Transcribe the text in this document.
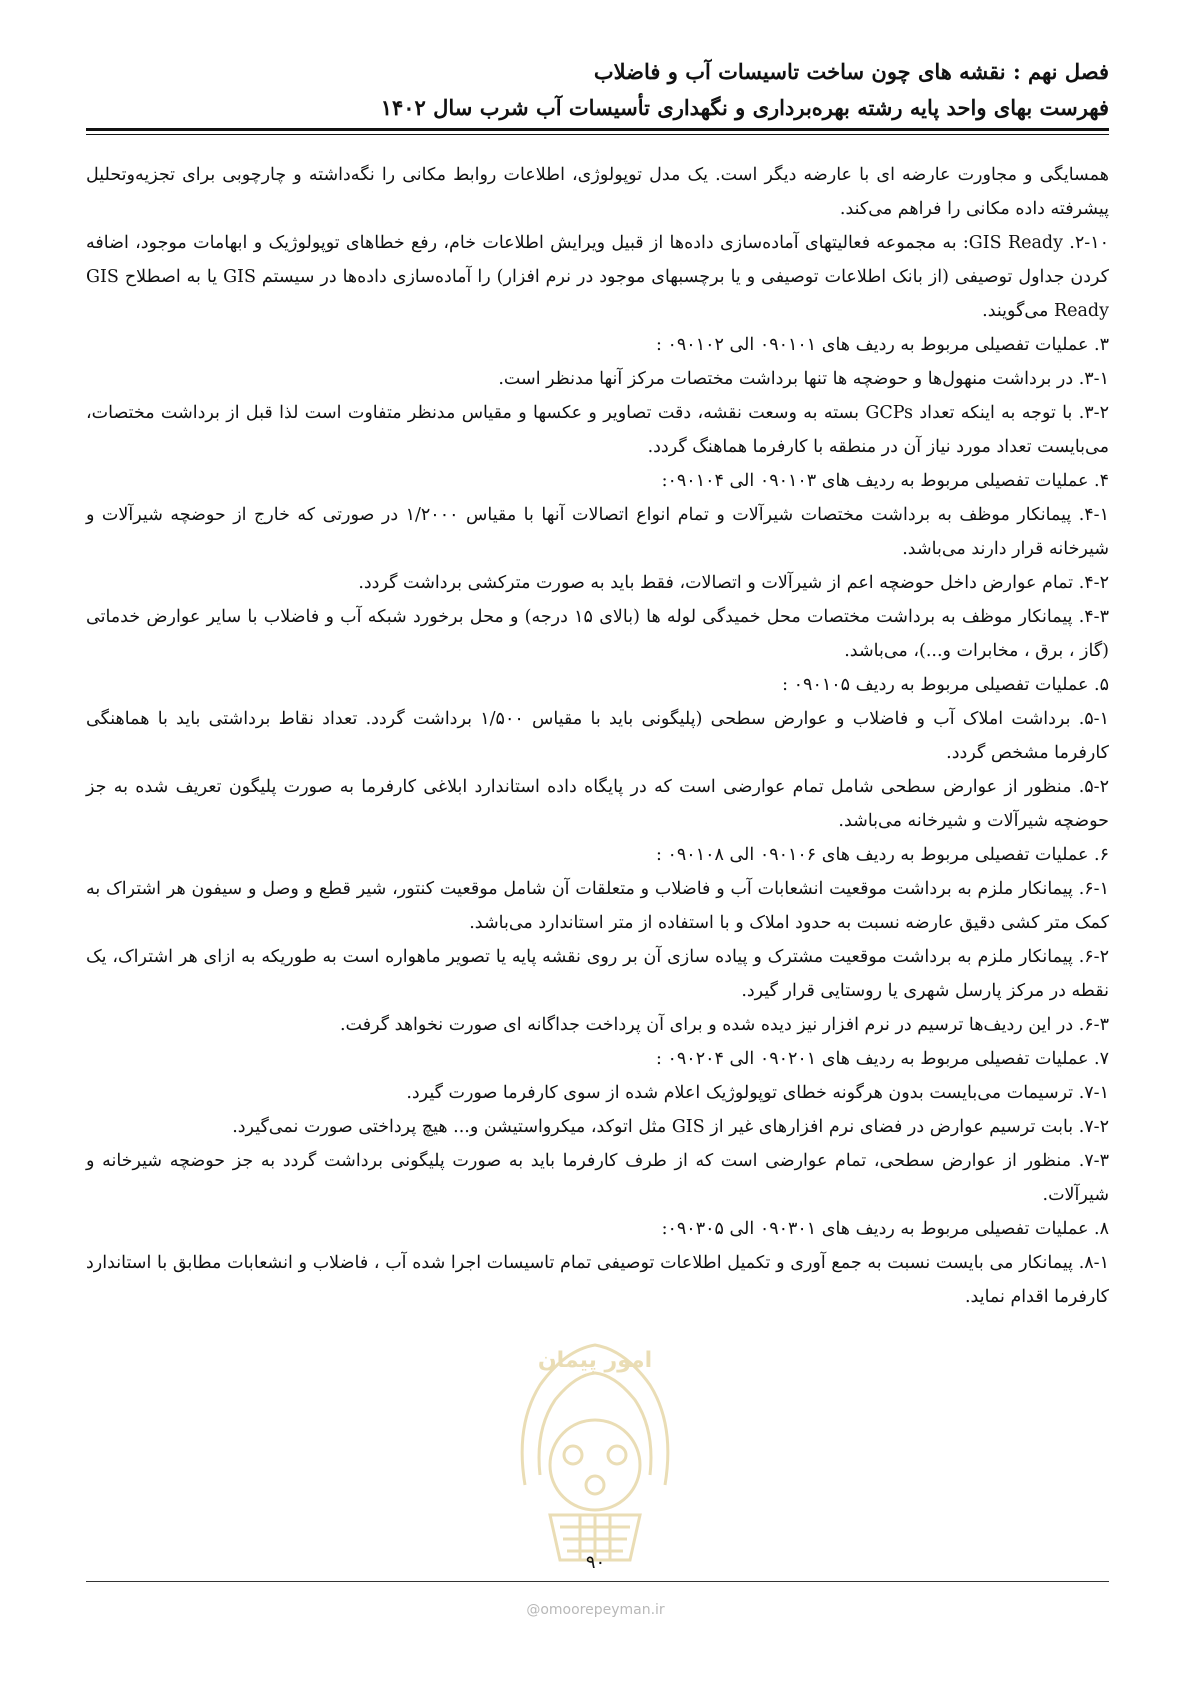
فصل نهم : نقشه های چون ساخت تاسیسات آب و فاضلاب
فهرست بهای واحد پایه رشته بهره‌برداری و نگهداری تأسیسات آب شرب سال ۱۴۰۲

همسایگی و مجاورت عارضه ای با عارضه دیگر است. یک مدل توپولوژی، اطلاعات روابط مکانی را نگه‌داشته و چارچوبی برای تجزیه‌وتحلیل پیشرفته داده مکانی را فراهم می‌کند.

۲-۱۰. GIS Ready: به مجموعه فعالیتهای آماده‌سازی داده‌ها از قبیل ویرایش اطلاعات خام، رفع خطاهای توپولوژیک و ابهامات موجود، اضافه کردن جداول توصیفی (از بانک اطلاعات توصیفی و یا برچسبهای موجود در نرم افزار) را آماده‌سازی داده‌ها در سیستم GIS یا به اصطلاح GIS Ready می‌گویند.

۳. عملیات تفصیلی مربوط به ردیف های ۰۹۰۱۰۱ الی ۰۹۰۱۰۲ :

۳-۱. در برداشت منهول‌ها و حوضچه ها تنها برداشت مختصات مرکز آنها مدنظر است.

۳-۲. با توجه به اینکه تعداد GCPs بسته به وسعت نقشه، دقت تصاویر و عکسها و مقیاس مدنظر متفاوت است لذا قبل از برداشت مختصات، می‌بایست تعداد مورد نیاز آن در منطقه با کارفرما هماهنگ گردد.

۴. عملیات تفصیلی مربوط به ردیف های ۰۹۰۱۰۳ الی ۰۹۰۱۰۴:

۴-۱. پیمانکار موظف به برداشت مختصات شیرآلات و تمام انواع اتصالات آنها با مقیاس ۱/۲۰۰۰ در صورتی که خارج از حوضچه شیرآلات و شیرخانه قرار دارند می‌باشد.

۴-۲. تمام عوارض داخل حوضچه اعم از شیرآلات و اتصالات، فقط باید به صورت مترکشی برداشت گردد.

۴-۳. پیمانکار موظف به برداشت مختصات محل خمیدگی لوله ها (بالای ۱۵ درجه) و محل برخورد شبکه آب و فاضلاب با سایر عوارض خدماتی (گاز ، برق ، مخابرات و...)، می‌باشد.

۵. عملیات تفصیلی مربوط به ردیف ۰۹۰۱۰۵ :

۵-۱. برداشت املاک آب و فاضلاب و عوارض سطحی (پلیگونی باید با مقیاس ۱/۵۰۰ برداشت گردد. تعداد نقاط برداشتی باید با هماهنگی کارفرما مشخص گردد.

۵-۲. منظور از عوارض سطحی شامل تمام عوارضی است که در پایگاه داده استاندارد ابلاغی کارفرما به صورت پلیگون تعریف شده به جز حوضچه شیرآلات و شیرخانه می‌باشد.

۶. عملیات تفصیلی مربوط به ردیف های ۰۹۰۱۰۶ الی ۰۹۰۱۰۸ :

۶-۱. پیمانکار ملزم به برداشت موقعیت انشعابات آب و فاضلاب و متعلقات آن شامل موقعیت کنتور، شیر قطع و وصل و سیفون هر اشتراک به کمک متر کشی دقیق عارضه نسبت به حدود املاک و با استفاده از متر استاندارد می‌باشد.

۶-۲. پیمانکار ملزم به برداشت موقعیت مشترک و پیاده سازی آن بر روی نقشه پایه یا تصویر ماهواره است به طوریکه به ازای هر اشتراک، یک نقطه در مرکز پارسل شهری یا روستایی قرار گیرد.

۶-۳. در این ردیف‌ها ترسیم در نرم افزار نیز دیده شده و برای آن پرداخت جداگانه ای صورت نخواهد گرفت.

۷. عملیات تفصیلی مربوط به ردیف های ۰۹۰۲۰۱ الی ۰۹۰۲۰۴ :

۷-۱. ترسیمات می‌بایست بدون هرگونه خطای توپولوژیک اعلام شده از سوی کارفرما صورت گیرد.

۷-۲. بابت ترسیم عوارض در فضای نرم افزارهای غیر از GIS مثل اتوکد، میکرواستیشن و... هیچ پرداختی صورت نمی‌گیرد.

۷-۳. منظور از عوارض سطحی، تمام عوارضی است که از طرف کارفرما باید به صورت پلیگونی برداشت گردد به جز حوضچه شیرخانه و شیرآلات.

۸. عملیات تفصیلی مربوط به ردیف های ۰۹۰۳۰۱ الی ۰۹۰۳۰۵:

۸-۱. پیمانکار می بایست نسبت به جمع آوری و تکمیل اطلاعات توصیفی تمام تاسیسات اجرا شده آب ، فاضلاب و انشعابات مطابق با استاندارد کارفرما اقدام نماید.

امور پیمان
۹۰
@omoorepeyman.ir
